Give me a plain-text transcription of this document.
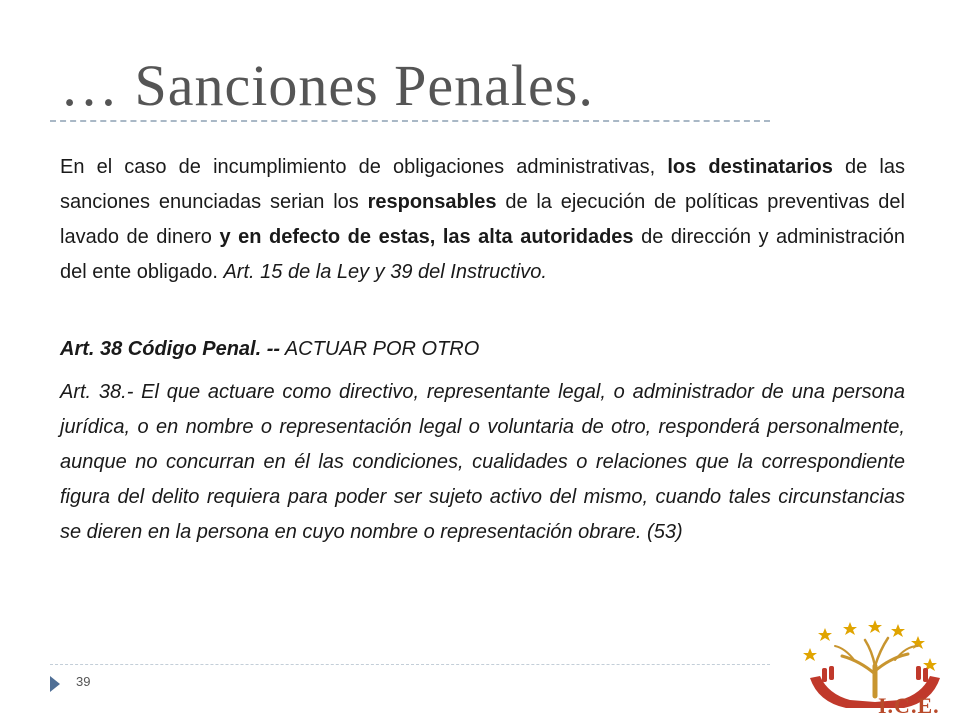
… Sanciones Penales.

En el caso de incumplimiento de obligaciones administrativas, los destinatarios de las sanciones enunciadas serian los responsables de la ejecución de políticas preventivas del lavado de dinero y en defecto de estas, las alta autoridades de dirección y administración del ente obligado. Art. 15 de la Ley y 39 del Instructivo.

Art. 38 Código Penal. -- ACTUAR POR OTRO

Art. 38.- El que actuare como directivo, representante legal, o administrador de una persona jurídica, o en nombre o representación legal o voluntaria de otro, responderá personalmente, aunque no concurran en él las condiciones, cualidades o relaciones que la correspondiente figura del delito requiera para poder ser sujeto activo del mismo, cuando tales circunstancias se dieren en la persona en cuyo nombre o representación obrare. (53)

39
I.C.E.
